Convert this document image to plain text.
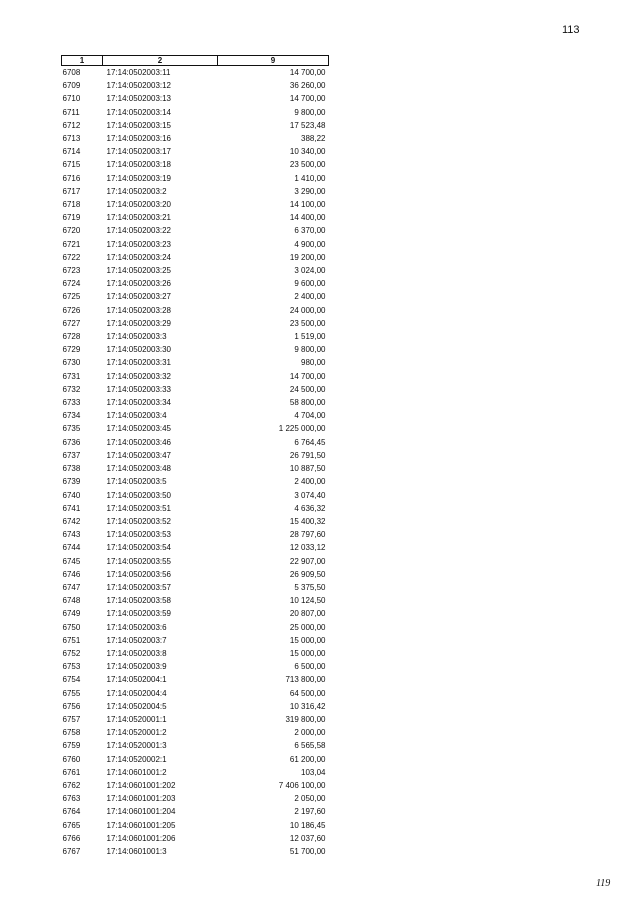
113
1	2	9
6708	17:14:0502003:11	14 700,00
6709	17:14:0502003:12	36 260,00
6710	17:14:0502003:13	14 700,00
6711	17:14:0502003:14	9 800,00
6712	17:14:0502003:15	17 523,48
6713	17:14:0502003:16	388,22
6714	17:14:0502003:17	10 340,00
6715	17:14:0502003:18	23 500,00
6716	17:14:0502003:19	1 410,00
6717	17:14:0502003:2	3 290,00
6718	17:14:0502003:20	14 100,00
6719	17:14:0502003:21	14 400,00
6720	17:14:0502003:22	6 370,00
6721	17:14:0502003:23	4 900,00
6722	17:14:0502003:24	19 200,00
6723	17:14:0502003:25	3 024,00
6724	17:14:0502003:26	9 600,00
6725	17:14:0502003:27	2 400,00
6726	17:14:0502003:28	24 000,00
6727	17:14:0502003:29	23 500,00
6728	17:14:0502003:3	1 519,00
6729	17:14:0502003:30	9 800,00
6730	17:14:0502003:31	980,00
6731	17:14:0502003:32	14 700,00
6732	17:14:0502003:33	24 500,00
6733	17:14:0502003:34	58 800,00
6734	17:14:0502003:4	4 704,00
6735	17:14:0502003:45	1 225 000,00
6736	17:14:0502003:46	6 764,45
6737	17:14:0502003:47	26 791,50
6738	17:14:0502003:48	10 887,50
6739	17:14:0502003:5	2 400,00
6740	17:14:0502003:50	3 074,40
6741	17:14:0502003:51	4 636,32
6742	17:14:0502003:52	15 400,32
6743	17:14:0502003:53	28 797,60
6744	17:14:0502003:54	12 033,12
6745	17:14:0502003:55	22 907,00
6746	17:14:0502003:56	26 909,50
6747	17:14:0502003:57	5 375,50
6748	17:14:0502003:58	10 124,50
6749	17:14:0502003:59	20 807,00
6750	17:14:0502003:6	25 000,00
6751	17:14:0502003:7	15 000,00
6752	17:14:0502003:8	15 000,00
6753	17:14:0502003:9	6 500,00
6754	17:14:0502004:1	713 800,00
6755	17:14:0502004:4	64 500,00
6756	17:14:0502004:5	10 316,42
6757	17:14:0520001:1	319 800,00
6758	17:14:0520001:2	2 000,00
6759	17:14:0520001:3	6 565,58
6760	17:14:0520002:1	61 200,00
6761	17:14:0601001:2	103,04
6762	17:14:0601001:202	7 406 100,00
6763	17:14:0601001:203	2 050,00
6764	17:14:0601001:204	2 197,60
6765	17:14:0601001:205	10 186,45
6766	17:14:0601001:206	12 037,60
6767	17:14:0601001:3	51 700,00
119
